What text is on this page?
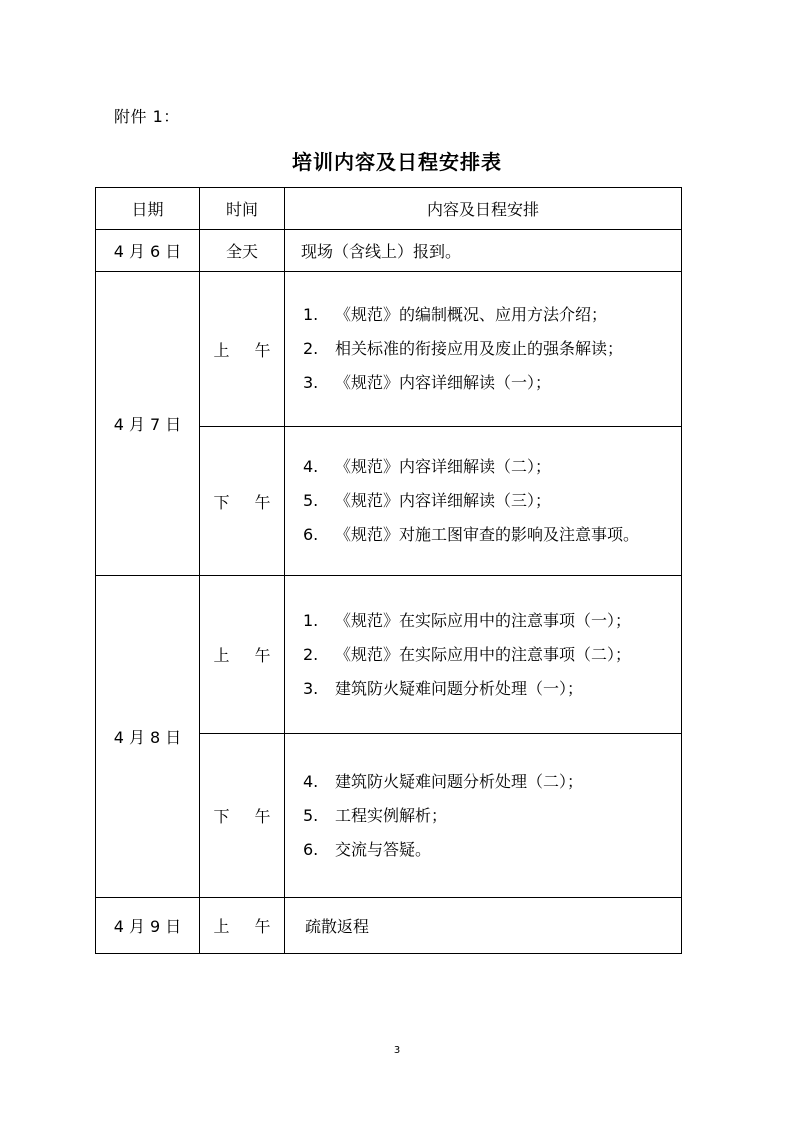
附件 1：
培训内容及日程安排表
日期	时间	内容及日程安排
4 月 6 日	全天	现场（含线上）报到。
4 月 7 日	上 午	1. 《规范》的编制概况、应用方法介绍；
2. 相关标准的衔接应用及废止的强条解读；
3. 《规范》内容详细解读（一）；

	下 午	4. 《规范》内容详细解读（二）；
5. 《规范》内容详细解读（三）；
6. 《规范》对施工图审查的影响及注意事项。

4 月 8 日	上 午	1. 《规范》在实际应用中的注意事项（一）；
2. 《规范》在实际应用中的注意事项（二）；
3. 建筑防火疑难问题分析处理（一）；

	下 午	4. 建筑防火疑难问题分析处理（二）；
5. 工程实例解析；
6. 交流与答疑。

4 月 9 日	上 午	疏散返程
3
